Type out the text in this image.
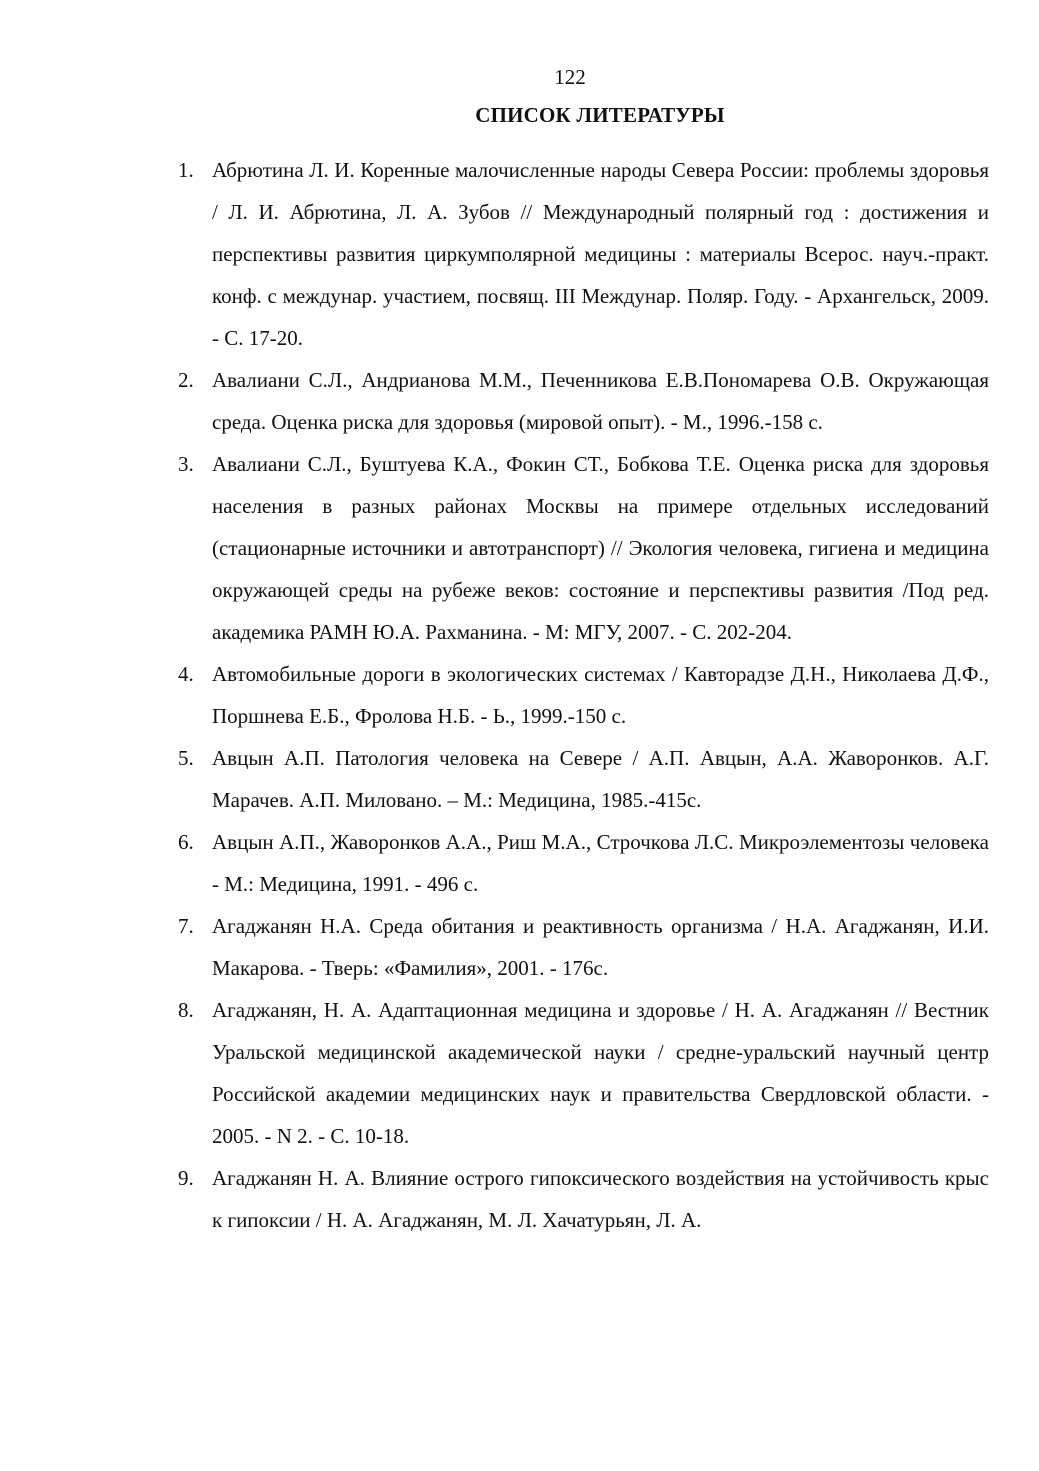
122
СПИСОК ЛИТЕРАТУРЫ
1. Абрютина Л. И. Коренные малочисленные народы Севера России: проблемы здоровья / Л. И. Абрютина, Л. А. Зубов // Международный полярный год : достижения и перспективы развития циркумполярной медицины : материалы Всерос. науч.-практ. конф. с междунар. участием, посвящ. III Междунар. Поляр. Году. - Архангельск, 2009. - С. 17-20.
2. Авалиани С.Л., Андрианова М.М., Печенникова Е.В.Пономарева О.В. Окружающая среда. Оценка риска для здоровья (мировой опыт). - М., 1996.-158 с.
3. Авалиани С.Л., Буштуева К.А., Фокин СТ., Бобкова Т.Е. Оценка риска для здоровья населения в разных районах Москвы на примере отдельных исследований (стационарные источники и автотранспорт) // Экология человека, гигиена и медицина окружающей среды на рубеже веков: состояние и перспективы развития /Под ред. академика РАМН Ю.А. Рахманина. - М: МГУ, 2007. - С. 202-204.
4. Автомобильные дороги в экологических системах / Кавторадзе Д.Н., Николаева Д.Ф., Поршнева Е.Б., Фролова Н.Б. - Ь., 1999.-150 с.
5. Авцын А.П. Патология человека на Севере / А.П. Авцын, А.А. Жаворонков. А.Г. Марачев. А.П. Миловано. – М.: Медицина, 1985.-415с.
6. Авцын А.П., Жаворонков А.А., Риш М.А., Строчкова Л.С. Микроэлементозы человека - М.: Медицина, 1991. - 496 с.
7. Агаджанян Н.А. Среда обитания и реактивность организма / Н.А. Агаджанян, И.И. Макарова. - Тверь: «Фамилия», 2001. - 176с.
8. Агаджанян, Н. А. Адаптационная медицина и здоровье / Н. А. Агаджанян // Вестник Уральской медицинской академической науки / средне-уральский научный центр Российской академии медицинских наук и правительства Свердловской области. - 2005. - N 2. - С. 10-18.
9. Агаджанян Н. А. Влияние острого гипоксического воздействия на устойчивость крыс к гипоксии / Н. А. Агаджанян, М. Л. Хачатурьян, Л. А.
